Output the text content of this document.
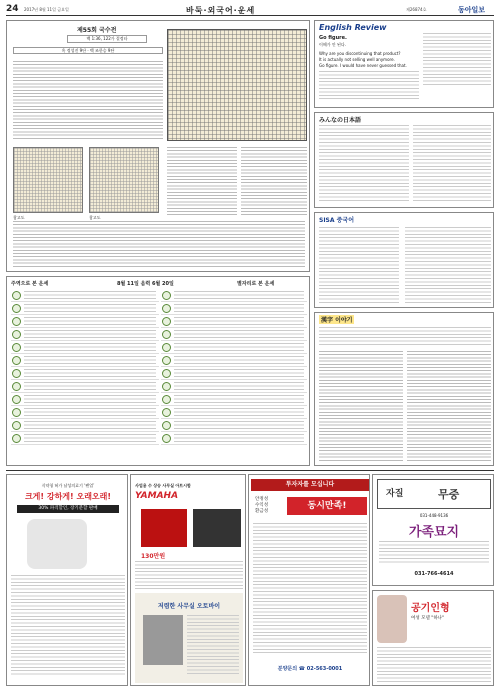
24 2017년 8월 11일 금요일	바둑·외국어·운세	제26874호	동아일보
제55회 국수전
백 1:36, 122가 결정타
흑 정성진 9단 · 백 조한승 9단
참고도	참고도
English Review
Go figure.
이해가 안 된다.
Why are you discontinuing that product?
It is actually not selling well anymore.
Go figure. I would have never guessed that.
みんなの日本語
SISA 중국어
주역으로 본 운세	8월 11일 음력 6월 20일	별자리로 본 운세
漢字 이야기
식약청 허가 남성의료기 ‘펜업’
크게! 강하게! 오래오래!
30% 파격할인, 장기분할 판매
사업용 수 상승 사무실 아트시합
YAMAHA
130만원
저렴한 사무실 오토바이
투자자를 모십니다
안정성
수익성
환금성
동시만족!
분양문의 ☎ 02-563-0001
자질	무중
031-448-9136
가족묘지
031-766-4614
공기인형
여성 모델 "하나"
